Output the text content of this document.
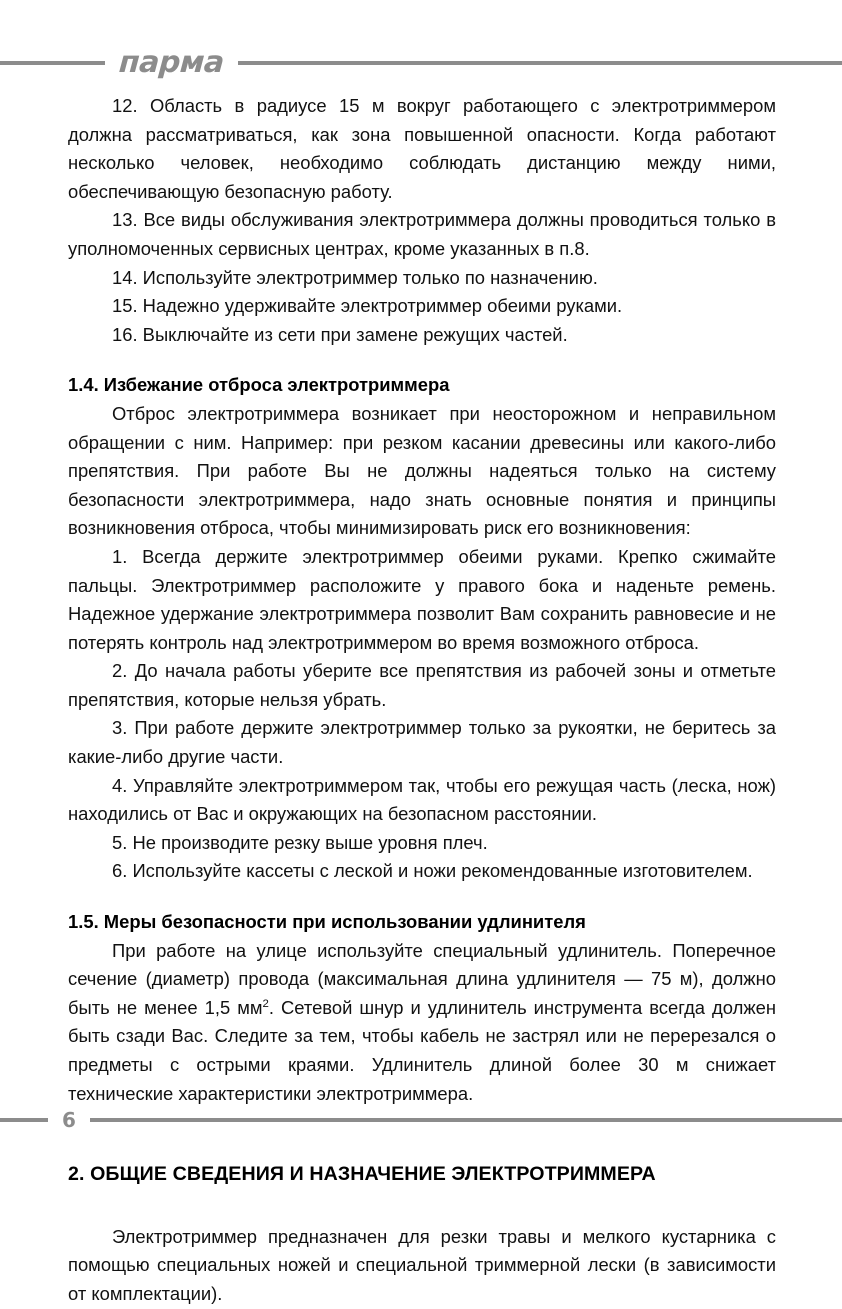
парма

12. Область в радиусе 15 м вокруг работающего с электротриммером должна рассматриваться, как зона повышенной опасности. Когда работают несколько человек, необходимо соблюдать дистанцию между ними, обеспечивающую безопасную работу.

13. Все виды обслуживания электротриммера должны проводиться только в уполномоченных сервисных центрах, кроме указанных в п.8.

14. Используйте электротриммер только по назначению.

15. Надежно удерживайте электротриммер обеими руками.

16. Выключайте из сети при замене режущих частей.

1.4. Избежание отброса электротриммера

Отброс электротриммера возникает при неосторожном и неправильном обращении с ним. Например: при резком касании древесины или какого-либо препятствия. При работе Вы не должны надеяться только на систему безопасности электротриммера, надо знать основные понятия и принципы возникновения отброса, чтобы минимизировать риск его возникновения:

1. Всегда держите электротриммер обеими руками. Крепко сжимайте пальцы. Электротриммер расположите у правого бока и наденьте ремень. Надежное удержание электротриммера позволит Вам сохранить равновесие и не потерять контроль над электротриммером во время возможного отброса.

2. До начала работы уберите все препятствия из рабочей зоны и отметьте препятствия, которые нельзя убрать.

3. При работе держите электротриммер только за рукоятки, не беритесь за какие-либо другие части.

4. Управляйте электротриммером так, чтобы его режущая часть (леска, нож) находились от Вас и окружающих на безопасном расстоянии.

5. Не производите резку выше уровня плеч.

6. Используйте кассеты с леской и ножи рекомендованные изготовителем.

1.5. Меры безопасности при использовании удлинителя

При работе на улице используйте специальный удлинитель. Поперечное сечение (диаметр) провода (максимальная длина удлинителя — 75 м), должно быть не менее 1,5 $мм^2$. Сетевой шнур и удлинитель инструмента всегда должен быть сзади Вас. Следите за тем, чтобы кабель не застрял или не перерезался о предметы с острыми краями. Удлинитель длиной более 30 м снижает технические характеристики электротриммера.

2. ОБЩИЕ СВЕДЕНИЯ И НАЗНАЧЕНИЕ ЭЛЕКТРОТРИММЕРА

Электротриммер предназначен для резки травы и мелкого кустарника с помощью специальных ножей и специальной триммерной лески (в зависимости от комплектации).

6
